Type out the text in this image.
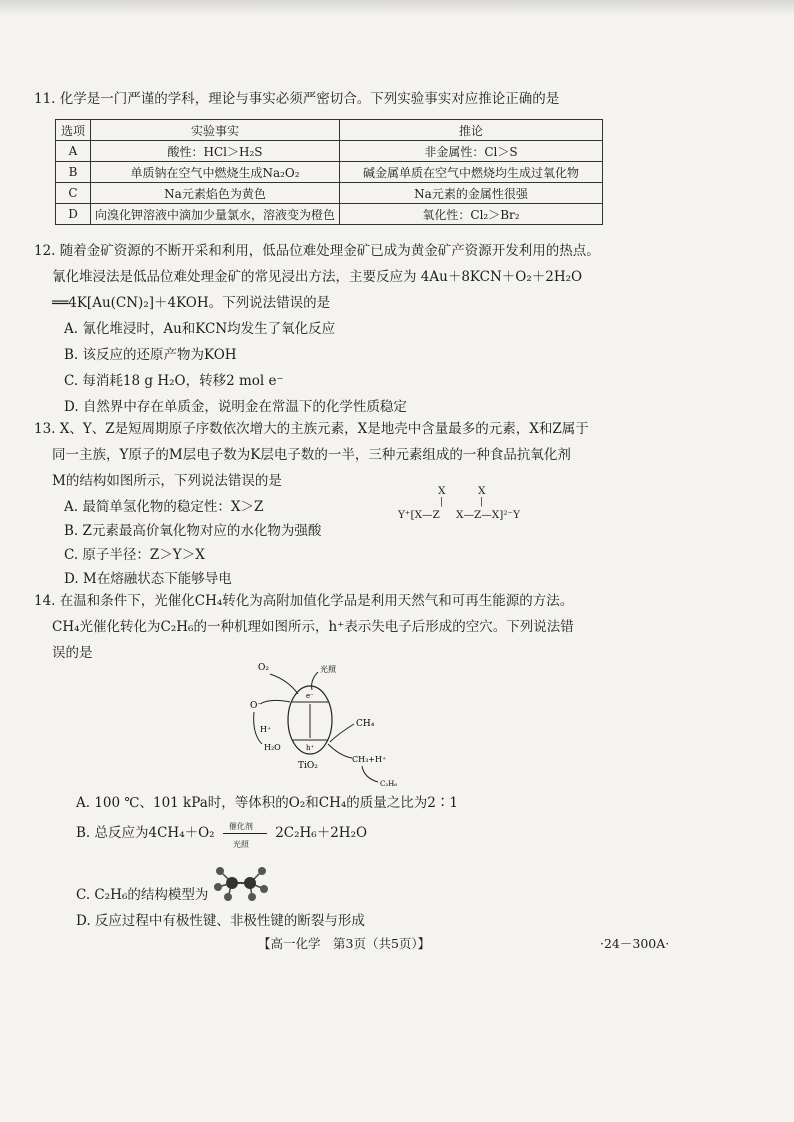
11. 化学是一门严谨的学科，理论与事实必须严密切合。下列实验事实对应推论正确的是
选项	实验事实	推论
A	酸性：HCl＞H₂S	非金属性：Cl＞S
B	单质钠在空气中燃烧生成Na₂O₂	碱金属单质在空气中燃烧均生成过氧化物
C	Na元素焰色为黄色	Na元素的金属性很强
D	向溴化钾溶液中滴加少量氯水，溶液变为橙色	氧化性：Cl₂＞Br₂
12. 随着金矿资源的不断开采和利用，低品位难处理金矿已成为黄金矿产资源开发利用的热点。
氰化堆浸法是低品位难处理金矿的常见浸出方法，主要反应为 4Au＋8KCN＋O₂＋2H₂O
══4K[Au(CN)₂]＋4KOH。下列说法错误的是
A. 氰化堆浸时，Au和KCN均发生了氧化反应
B. 该反应的还原产物为KOH
C. 每消耗18 g H₂O，转移2 mol e⁻
D. 自然界中存在单质金，说明金在常温下的化学性质稳定
13. X、Y、Z是短周期原子序数依次增大的主族元素，X是地壳中含量最多的元素，X和Z属于
同一主族，Y原子的M层电子数为K层电子数的一半，三种元素组成的一种食品抗氧化剂
M的结构如图所示，下列说法错误的是
A. 最简单氢化物的稳定性：X＞Z
B. Z元素最高价氧化物对应的水化物为强酸
C. 原子半径：Z＞Y＞X
D. M在熔融状态下能够导电
X
|
X
|
Y⁺[X—Z X—Z—X]²⁻Y
14. 在温和条件下，光催化CH₄转化为高附加值化学品是利用天然气和可再生能源的方法。
CH₄光催化转化为C₂H₆的一种机理如图所示，h⁺表示失电子后形成的空穴。下列说法错
误的是
O₂	光照
e⁻
h⁺
CH₄
O⁻
H⁺
H₂O
TiO₂
CH₃+H⁺
C₂H₆
A. 100 ℃、101 kPa时，等体积的O₂和CH₄的质量之比为2∶1
B. 总反应为4CH₄＋O₂ 催化剂
光照
2C₂H₆＋2H₂O
C. C₂H₆的结构模型为
D. 反应过程中有极性键、非极性键的断裂与形成
【高一化学　第3页（共5页）】	·24－300A·
